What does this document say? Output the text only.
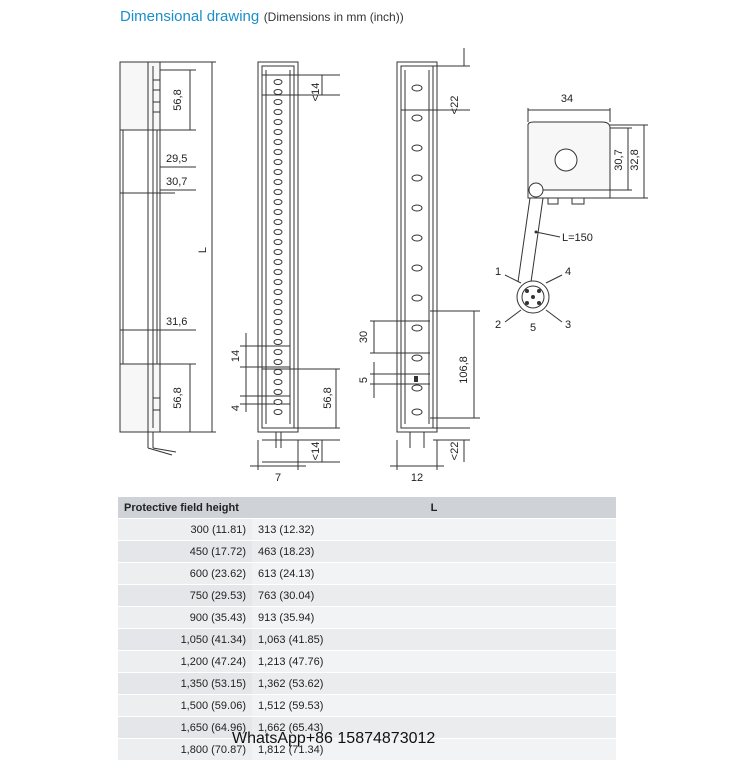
Dimensional drawing (Dimensions in mm (inch))
56,8
29,5
30,7
L
31,6
56,8
<14
14
4	56,8
<14
7
<22
30
5	106,8
<22
12
34
30,7 32,8
L=150
1	4
2	5	3
Protective field height	L
300 (11.81)	313 (12.32)
450 (17.72)	463 (18.23)
600 (23.62)	613 (24.13)
750 (29.53)	763 (30.04)
900 (35.43)	913 (35.94)
1,050 (41.34)	1,063 (41.85)
1,200 (47.24)	1,213 (47.76)
1,350 (53.15)	1,362 (53.62)
1,500 (59.06)	1,512 (59.53)
1,650 (64.96)	1,662 (65.43)
1,800 (70.87)	1,812 (71.34)
WhatsApp+86 15874873012
